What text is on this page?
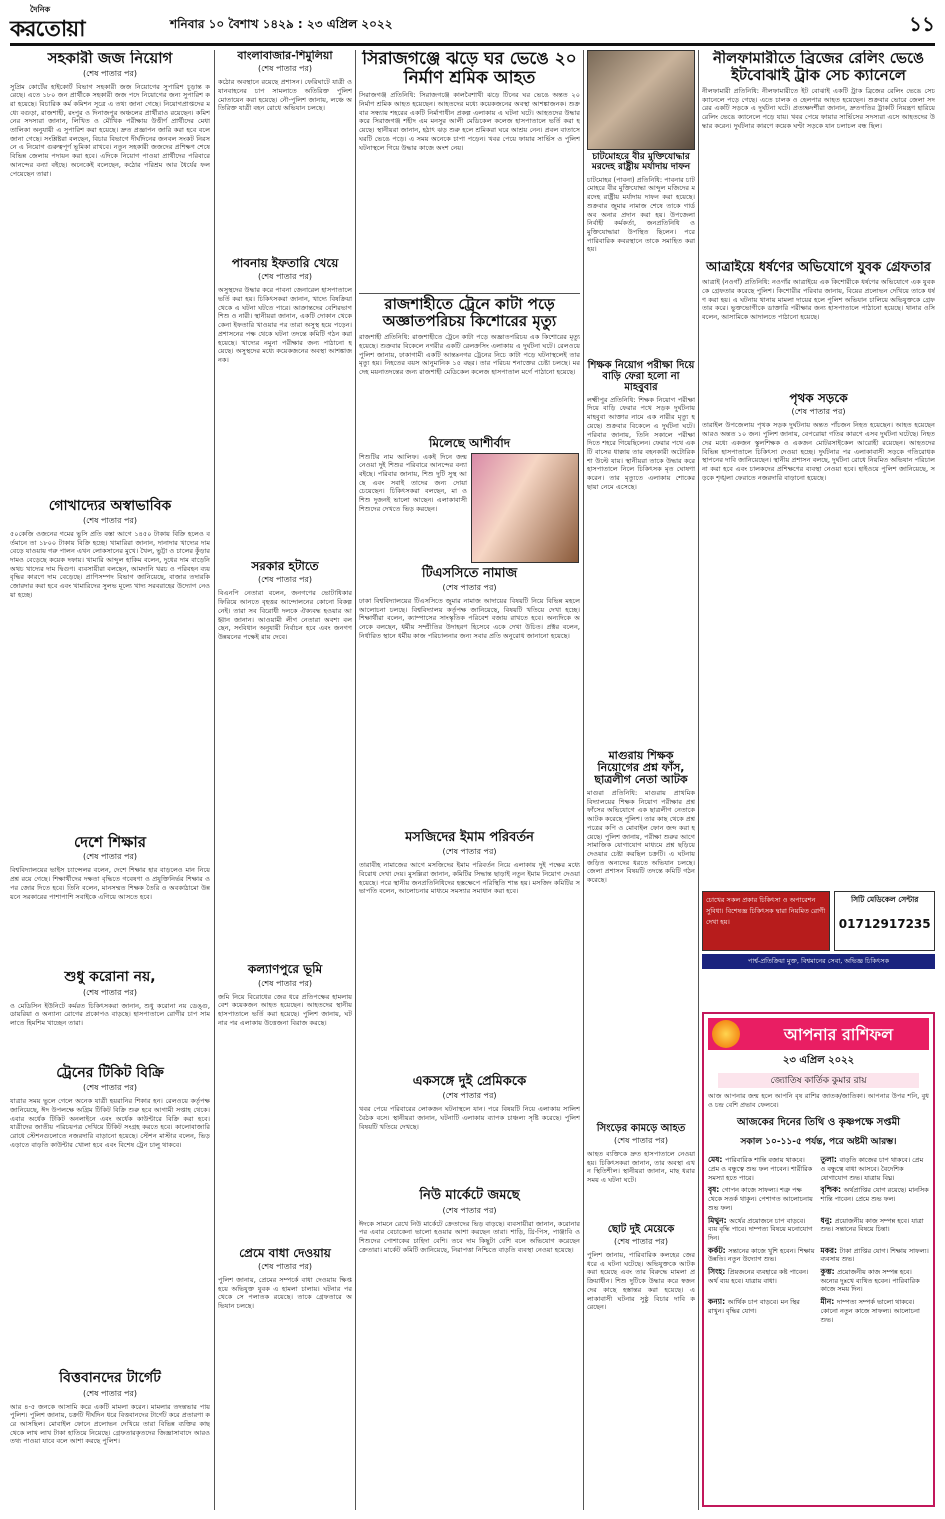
দৈনিক
করতোয়া	শনিবার ১০ বৈশাখ ১৪২৯ : ২৩ এপ্রিল ২০২২	১১
সহকারী জজ নিয়োগ
(শেষ পাতার পর)
সুপ্রিম কোর্টের হাইকোর্ট বিভাগ সহকারী জজ নিয়োগের সুপারিশ চূড়ান্ত করেছে। এতে ১৮০ জন প্রার্থীকে সহকারী জজ পদে নিয়োগের জন্য সুপারিশ করা হয়েছে। বিচারিক কর্ম কমিশন সূত্রে এ তথ্য জানা গেছে। নিয়োগপ্রাপ্তদের মধ্যে বগুড়া, রাজশাহী, রংপুর ও দিনাজপুর অঞ্চলের প্রার্থীরাও রয়েছেন। কমিশনের সদস্যরা জানান, লিখিত ও মৌখিক পরীক্ষায় উত্তীর্ণ প্রার্থীদের মেধা তালিকা অনুযায়ী এ সুপারিশ করা হয়েছে। দ্রুত প্রজ্ঞাপন জারি করা হবে বলে জানা গেছে। সংশ্লিষ্টরা বলছেন, বিচার বিভাগে দীর্ঘদিনের জনবল সংকট নিরসনে এ নিয়োগ গুরুত্বপূর্ণ ভূমিকা রাখবে। নতুন সহকারী জজদের প্রশিক্ষণ শেষে বিভিন্ন জেলায় পদায়ন করা হবে। এদিকে নিয়োগ পাওয়া প্রার্থীদের পরিবারে আনন্দের বন্যা বইছে। অনেকেই বলেছেন, কঠোর পরিশ্রম আর ধৈর্যের ফল পেয়েছেন তারা।
গোখাদ্যের অস্বাভাবিক
(শেষ পাতার পর)
৫০কেজি ওজনের গমের ভুসি প্রতি বস্তা আগে ১৪৫০ টাকায় বিক্রি হলেও বর্তমানে তা ১৮০০ টাকায় বিক্রি হচ্ছে। খামারিরা জানান, দানাদার খাদ্যের দাম বেড়ে যাওয়ায় গরু পালন এখন লোকসানের মুখে। খৈল, ভুট্টা ও চালের কুঁড়ার দামও বেড়েছে কয়েক দফায়। খামারি আব্দুল হাকিম বলেন, দুধের দাম বাড়েনি অথচ খাদ্যের দাম দ্বিগুণ। ব্যবসায়ীরা বলছেন, আমদানি খরচ ও পরিবহন ব্যয় বৃদ্ধির কারণে দাম বেড়েছে। প্রাণিসম্পদ বিভাগ জানিয়েছে, বাজার তদারকি জোরদার করা হবে এবং খামারিদের সুলভ মূল্যে খাদ্য সরবরাহের উদ্যোগ নেওয়া হচ্ছে।
দেশে শিক্ষার
(শেষ পাতার পর)
বিশ্ববিদ্যালয়ের ভাইস চ্যান্সেলর বলেন, দেশে শিক্ষার হার বাড়লেও মান নিয়ে প্রশ্ন রয়ে গেছে। শিক্ষার্থীদের দক্ষতা বৃদ্ধিতে গবেষণা ও প্রযুক্তিনির্ভর শিক্ষার ওপর জোর দিতে হবে। তিনি বলেন, মানসম্মত শিক্ষক তৈরি ও অবকাঠামো উন্নয়নে সরকারের পাশাপাশি সবাইকে এগিয়ে আসতে হবে।
শুধু করোনা নয়,
(শেষ পাতার পর)
ও মেডিসিন ইউনিটে কর্মরত চিকিৎসকরা জানান, শুধু করোনা নয় ডেঙ্গু, ডায়রিয়া ও অন্যান্য রোগের প্রকোপও বাড়ছে। হাসপাতালে রোগীর চাপ সামলাতে হিমশিম খাচ্ছেন তারা।
ট্রেনের টিকিট বিক্রি
(শেষ পাতার পর)
যাত্রার সময় ভুলে গেলে অনেক যাত্রী হয়রানির শিকার হন। রেলওয়ে কর্তৃপক্ষ জানিয়েছে, ঈদ উপলক্ষে অগ্রিম টিকিট বিক্রি শুরু হবে আগামী সপ্তাহ থেকে। এবার অর্ধেক টিকিট অনলাইনে এবং অর্ধেক কাউন্টারে বিক্রি করা হবে। যাত্রীদের জাতীয় পরিচয়পত্র দেখিয়ে টিকিট সংগ্রহ করতে হবে। কালোবাজারি রোধে স্টেশনগুলোতে নজরদারি বাড়ানো হয়েছে। স্টেশন মাস্টার বলেন, ভিড় এড়াতে বাড়তি কাউন্টার খোলা হবে এবং বিশেষ ট্রেন চালু থাকবে।
বিত্তবানদের টার্গেট
(শেষ পাতার পর)
আর ৪-৫ জনকে আসামি করে একটি মামলা করেন। মামলার তদন্তভার পায় পুলিশ। পুলিশ জানায়, চক্রটি দীর্ঘদিন ধরে বিত্তবানদের টার্গেট করে প্রতারণা করে আসছিল। মোবাইল ফোনে প্রলোভন দেখিয়ে তারা বিভিন্ন ব্যক্তির কাছ থেকে লাখ লাখ টাকা হাতিয়ে নিয়েছে। গ্রেফতারকৃতদের জিজ্ঞাসাবাদে আরও তথ্য পাওয়া যাবে বলে আশা করছে পুলিশ।
বাংলাবাজার-শিমুলিয়া
(শেষ পাতার পর)
কঠোর অবস্থানে রয়েছে প্রশাসন। ফেরিঘাটে যাত্রী ও যানবাহনের চাপ সামলাতে অতিরিক্ত পুলিশ মোতায়েন করা হয়েছে। নৌ-পুলিশ জানায়, লঞ্চে অতিরিক্ত যাত্রী বহন রোধে অভিযান চলছে।
পাবনায় ইফতারি খেয়ে
(শেষ পাতার পর)
অসুস্থদের উদ্ধার করে পাবনা জেনারেল হাসপাতালে ভর্তি করা হয়। চিকিৎসকরা জানান, খাদ্যে বিষক্রিয়া থেকে এ ঘটনা ঘটতে পারে। আক্রান্তদের বেশিরভাগ শিশু ও নারী। স্থানীয়রা জানান, একটি দোকান থেকে কেনা ইফতারি খাওয়ার পর তারা অসুস্থ হয়ে পড়েন। প্রশাসনের পক্ষ থেকে ঘটনা তদন্তে কমিটি গঠন করা হয়েছে। খাদ্যের নমুনা পরীক্ষার জন্য পাঠানো হয়েছে। অসুস্থদের মধ্যে কয়েকজনের অবস্থা আশঙ্কাজনক।
সরকার হটাতে
(শেষ পাতার পর)
বিএনপি নেতারা বলেন, জনগণের ভোটাধিকার ফিরিয়ে আনতে বৃহত্তর আন্দোলনের কোনো বিকল্প নেই। তারা সব বিরোধী দলকে ঐক্যবদ্ধ হওয়ার আহ্বান জানান। আওয়ামী লীগ নেতারা অবশ্য বলছেন, সংবিধান অনুযায়ী নির্বাচন হবে এবং জনগণ উন্নয়নের পক্ষেই রায় দেবে।
কল্যাণপুরে ভূমি
(শেষ পাতার পর)
জমি নিয়ে বিরোধের জের ধরে প্রতিপক্ষের হামলায় বেশ কয়েকজন আহত হয়েছেন। আহতদের স্থানীয় হাসপাতালে ভর্তি করা হয়েছে। পুলিশ জানায়, ঘটনার পর এলাকায় উত্তেজনা বিরাজ করছে।
প্রেমে বাধা দেওয়ায়
(শেষ পাতার পর)
পুলিশ জানায়, প্রেমের সম্পর্কে বাধা দেওয়ায় ক্ষিপ্ত হয়ে অভিযুক্ত যুবক এ হামলা চালায়। ঘটনার পর থেকে সে পলাতক রয়েছে। তাকে গ্রেফতারে অভিযান চলছে।
সিরাজগঞ্জে ঝড়ে ঘর ভেঙে ২০ নির্মাণ শ্রমিক আহত
সিরাজগঞ্জ প্রতিনিধি: সিরাজগঞ্জে কালবৈশাখী ঝড়ে টিনের ঘর ভেঙে অন্তত ২০ নির্মাণ শ্রমিক আহত হয়েছেন। আহতদের মধ্যে কয়েকজনের অবস্থা আশঙ্কাজনক। শুক্রবার সন্ধ্যায় শহরের একটি নির্মাণাধীন প্রকল্প এলাকায় এ ঘটনা ঘটে। আহতদের উদ্ধার করে সিরাজগঞ্জ শহীদ এম মনসুর আলী মেডিকেল কলেজ হাসপাতালে ভর্তি করা হয়েছে। স্থানীয়রা জানান, হঠাৎ ঝড় শুরু হলে শ্রমিকরা ঘরে আশ্রয় নেন। প্রবল বাতাসে ঘরটি ভেঙে পড়ে। এ সময় অনেকে চাপা পড়েন। খবর পেয়ে ফায়ার সার্ভিস ও পুলিশ ঘটনাস্থলে গিয়ে উদ্ধার কাজে অংশ নেয়।
রাজশাহীতে ট্রেনে কাটা পড়ে অজ্ঞাতপরিচয় কিশোরের মৃত্যু
রাজশাহী প্রতিনিধি: রাজশাহীতে ট্রেনে কাটা পড়ে অজ্ঞাতপরিচয় এক কিশোরের মৃত্যু হয়েছে। শুক্রবার বিকেলে নগরীর একটি রেলক্রসিং এলাকায় এ দুর্ঘটনা ঘটে। রেলওয়ে পুলিশ জানায়, ঢাকাগামী একটি আন্তঃনগর ট্রেনের নিচে কাটা পড়ে ঘটনাস্থলেই তার মৃত্যু হয়। নিহতের বয়স আনুমানিক ১৫ বছর। তার পরিচয় শনাক্তের চেষ্টা চলছে। মরদেহ ময়নাতদন্তের জন্য রাজশাহী মেডিকেল কলেজ হাসপাতাল মর্গে পাঠানো হয়েছে।
মিলেছে আশীর্বাদ
শিশুটির নাম আলিফ। একই দিনে জন্ম নেওয়া দুই শিশুর পরিবারে আনন্দের বন্যা বইছে। পরিবার জানায়, শিশু দুটি সুস্থ আছে এবং সবাই তাদের জন্য দোয়া চেয়েছেন। চিকিৎসকরা বলছেন, মা ও শিশু দুজনই ভালো আছেন। এলাকাবাসী শিশুদের দেখতে ভিড় করছেন।
টিএসসিতে নামাজ
(শেষ পাতার পর)
ঢাকা বিশ্ববিদ্যালয়ের টিএসসিতে জুমার নামাজ আদায়ের বিষয়টি নিয়ে বিভিন্ন মহলে আলোচনা চলছে। বিশ্ববিদ্যালয় কর্তৃপক্ষ জানিয়েছে, বিষয়টি খতিয়ে দেখা হচ্ছে। শিক্ষার্থীরা বলেন, ক্যাম্পাসের সাংস্কৃতিক পরিবেশ বজায় রাখতে হবে। অন্যদিকে অনেকে বলছেন, ধর্মীয় সম্প্রীতির উদাহরণ হিসেবে একে দেখা উচিত। প্রক্টর বলেন, নির্ধারিত স্থানে ধর্মীয় কাজ পরিচালনার জন্য সবার প্রতি অনুরোধ জানানো হয়েছে।
মসজিদের ইমাম পরিবর্তন
(শেষ পাতার পর)
তারাবীহ নামাজের আগে মসজিদের ইমাম পরিবর্তন নিয়ে এলাকায় দুই পক্ষের মধ্যে বিরোধ দেখা দেয়। মুসল্লিরা জানান, কমিটির সিদ্ধান্ত ছাড়াই নতুন ইমাম নিয়োগ দেওয়া হয়েছে। পরে স্থানীয় জনপ্রতিনিধিদের হস্তক্ষেপে পরিস্থিতি শান্ত হয়। মসজিদ কমিটির সভাপতি বলেন, আলোচনার মাধ্যমে সমস্যার সমাধান করা হবে।
একসঙ্গে দুই প্রেমিককে
(শেষ পাতার পর)
খবর পেয়ে পরিবারের লোকজন ঘটনাস্থলে যান। পরে বিষয়টি নিয়ে এলাকায় সালিশ বৈঠক বসে। স্থানীয়রা জানান, ঘটনাটি এলাকায় ব্যাপক চাঞ্চল্য সৃষ্টি করেছে। পুলিশ বিষয়টি খতিয়ে দেখছে।
নিউ মার্কেটে জমছে
(শেষ পাতার পর)
ঈদকে সামনে রেখে নিউ মার্কেটে ক্রেতাদের ভিড় বাড়ছে। ব্যবসায়ীরা জানান, করোনার পর এবার বেচাকেনা ভালো হওয়ার আশা করছেন তারা। শাড়ি, থ্রি-পিস, পাঞ্জাবি ও শিশুদের পোশাকের চাহিদা বেশি। তবে দাম কিছুটা বেশি বলে অভিযোগ করেছেন ক্রেতারা। মার্কেট কমিটি জানিয়েছে, নিরাপত্তা নিশ্চিতে বাড়তি ব্যবস্থা নেওয়া হয়েছে।
চাটমোহরে বীর মুক্তিযোদ্ধার মরদেহ রাষ্ট্রীয় মর্যাদায় দাফন
চাটমোহর (পাবনা) প্রতিনিধি: পাবনার চাটমোহরে বীর মুক্তিযোদ্ধা আব্দুল মজিদের মরদেহ রাষ্ট্রীয় মর্যাদায় দাফন করা হয়েছে। শুক্রবার জুমার নামাজ শেষে তাকে গার্ড অব অনার প্রদান করা হয়। উপজেলা নির্বাহী কর্মকর্তা, জনপ্রতিনিধি ও মুক্তিযোদ্ধারা উপস্থিত ছিলেন। পরে পারিবারিক কবরস্থানে তাকে সমাহিত করা হয়।
শিক্ষক নিয়োগ পরীক্ষা দিয়ে বাড়ি ফেরা হলো না মাহবুবার
লক্ষ্মীপুর প্রতিনিধি: শিক্ষক নিয়োগ পরীক্ষা দিয়ে বাড়ি ফেরার পথে সড়ক দুর্ঘটনায় মাহবুবা আক্তার নামে এক নারীর মৃত্যু হয়েছে। শুক্রবার বিকেলে এ দুর্ঘটনা ঘটে। পরিবার জানায়, তিনি সকালে পরীক্ষা দিতে শহরে গিয়েছিলেন। ফেরার পথে একটি বাসের ধাক্কায় তার বহনকারী অটোরিকশা উল্টে যায়। স্থানীয়রা তাকে উদ্ধার করে হাসপাতালে নিলে চিকিৎসক মৃত ঘোষণা করেন। তার মৃত্যুতে এলাকায় শোকের ছায়া নেমে এসেছে।
মাগুরায় শিক্ষক নিয়োগের প্রশ্ন ফাঁস, ছাত্রলীগ নেতা আটক
মাগুরা প্রতিনিধি: মাগুরায় প্রাথমিক বিদ্যালয়ের শিক্ষক নিয়োগ পরীক্ষার প্রশ্ন ফাঁসের অভিযোগে এক ছাত্রলীগ নেতাকে আটক করেছে পুলিশ। তার কাছ থেকে প্রশ্নপত্রের কপি ও মোবাইল ফোন জব্দ করা হয়েছে। পুলিশ জানায়, পরীক্ষা শুরুর আগে সামাজিক যোগাযোগ মাধ্যমে প্রশ্ন ছড়িয়ে দেওয়ার চেষ্টা করছিল চক্রটি। এ ঘটনায় জড়িত অন্যদের ধরতে অভিযান চলছে। জেলা প্রশাসন বিষয়টি তদন্তে কমিটি গঠন করেছে।
সিংড়ের কামড়ে আহত
(শেষ পাতার পর)
আহত ব্যক্তিকে দ্রুত হাসপাতালে নেওয়া হয়। চিকিৎসকরা জানান, তার অবস্থা এখন স্থিতিশীল। স্থানীয়রা জানান, মাছ ধরার সময় এ ঘটনা ঘটে।
ছোট দুই মেয়েকে
(শেষ পাতার পর)
পুলিশ জানায়, পারিবারিক কলহের জের ধরে এ ঘটনা ঘটেছে। অভিযুক্তকে আটক করা হয়েছে এবং তার বিরুদ্ধে মামলা প্রক্রিয়াধীন। শিশু দুটিকে উদ্ধার করে স্বজনদের কাছে হস্তান্তর করা হয়েছে। এলাকাবাসী ঘটনার সুষ্ঠু বিচার দাবি করেছেন।
নীলফামারীতে ব্রিজের রেলিং ভেঙে ইটবোঝাই ট্রাক সেচ ক্যানেলে
নীলফামারী প্রতিনিধি: নীলফামারীতে ইট বোঝাই একটি ট্রাক ব্রিজের রেলিং ভেঙে সেচ ক্যানেলে পড়ে গেছে। এতে চালক ও হেলপার আহত হয়েছেন। শুক্রবার ভোরে জেলা সদরের একটি সড়কে এ দুর্ঘটনা ঘটে। প্রত্যক্ষদর্শীরা জানান, দ্রুতগতির ট্রাকটি নিয়ন্ত্রণ হারিয়ে রেলিং ভেঙে ক্যানেলে পড়ে যায়। খবর পেয়ে ফায়ার সার্ভিসের সদস্যরা এসে আহতদের উদ্ধার করেন। দুর্ঘটনার কারণে কয়েক ঘণ্টা সড়কে যান চলাচল বন্ধ ছিল।
আত্রাইয়ে ধর্ষণের অভিযোগে যুবক গ্রেফতার
আত্রাই (নওগাঁ) প্রতিনিধি: নওগাঁর আত্রাইয়ে এক কিশোরীকে ধর্ষণের অভিযোগে এক যুবককে গ্রেফতার করেছে পুলিশ। কিশোরীর পরিবার জানায়, বিয়ের প্রলোভন দেখিয়ে তাকে ধর্ষণ করা হয়। এ ঘটনায় থানায় মামলা দায়ের হলে পুলিশ অভিযান চালিয়ে অভিযুক্তকে গ্রেফতার করে। ভুক্তভোগীকে ডাক্তারি পরীক্ষার জন্য হাসপাতালে পাঠানো হয়েছে। থানার ওসি বলেন, আসামিকে আদালতে পাঠানো হয়েছে।
পৃথক সড়কে
(শেষ পাতার পর)
তারাইল উপজেলায় পৃথক সড়ক দুর্ঘটনায় অন্তত পাঁচজন নিহত হয়েছেন। আহত হয়েছেন আরও অন্তত ১০ জন। পুলিশ জানায়, বেপরোয়া গতির কারণে এসব দুর্ঘটনা ঘটেছে। নিহতদের মধ্যে একজন স্কুলশিক্ষক ও একজন মোটরসাইকেল আরোহী রয়েছেন। আহতদের বিভিন্ন হাসপাতালে চিকিৎসা দেওয়া হচ্ছে। দুর্ঘটনার পর এলাকাবাসী সড়কে গতিরোধক স্থাপনের দাবি জানিয়েছেন। স্থানীয় প্রশাসন বলছে, দুর্ঘটনা রোধে নিয়মিত অভিযান পরিচালনা করা হবে এবং চালকদের প্রশিক্ষণের ব্যবস্থা নেওয়া হবে। হাইওয়ে পুলিশ জানিয়েছে, সড়কে শৃঙ্খলা ফেরাতে নজরদারি বাড়ানো হয়েছে।
চোখের সকল প্রকার চিকিৎসা ও অপারেশন সুবিধা। বিশেষজ্ঞ চিকিৎসক দ্বারা নিয়মিত রোগী দেখা হয়।
সিটি মেডিকেল সেন্টার
01712917235
পার্শ্ব-প্রতিক্রিয়া মুক্ত, বিশ্বমানের সেবা, অভিজ্ঞ চিকিৎসক
আপনার রাশিফল
২৩ এপ্রিল ২০২২
জ্যোতিষ কার্তিক কুমার রায়
আজ আপনার জন্ম হলে আপনি বৃষ রাশির জাতক/জাতিকা। আপনার উপর শনি, বুধ ও চন্দ্র বেশি প্রভাব ফেলবে।
আজকের দিনের তিথি ও কৃষ্ণপক্ষে সপ্তমী
সকাল ১০-১১-৫ পর্যন্ত, পরে অষ্টমী আরম্ভ।
মেষ: পারিবারিক শান্তি বজায় থাকবে। প্রেম ও বন্ধুত্বে শুভ ফল পাবেন। শারীরিক সমস্যা হতে পারে।
তুলা: বাড়তি কাজের চাপ থাকবে। প্রেম ও বন্ধুত্বে বাধা আসবে। বৈদেশিক যোগাযোগ শুভ। যাত্রায় বিঘ্ন।
বৃষ: গোপন কাজে সাফল্য। শত্রু পক্ষ থেকে সতর্ক থাকুন। পেশাগত আলোচনায় শুভ ফল।
বৃশ্চিক: অর্থপ্রাপ্তির যোগ রয়েছে। মানসিক শান্তি পাবেন। প্রেমে শুভ ফল।
মিথুন: অর্থের প্রয়োজনে চাপ বাড়বে। ব্যয় বৃদ্ধি পাবে। দাম্পত্য বিষয়ে মনোযোগ দিন।
ধনু: প্রয়োজনীয় কাজ সম্পন্ন হবে। যাত্রা শুভ। সন্তানের বিষয়ে চিন্তা।
কর্কট: সন্তানের কাজে খুশি হবেন। শিক্ষায় উন্নতি। নতুন উদ্যোগ শুভ।
মকর: টাকা প্রাপ্তির যোগ। শিক্ষায় সাফল্য। ব্যবসায় শুভ।
সিংহ: প্রিয়জনের ব্যবহারে কষ্ট পাবেন। অর্থ ব্যয় হবে। যাত্রায় বাধা।
কুম্ভ: প্রয়োজনীয় কাজ সম্পন্ন হবে। অন্যের দুঃখে ব্যথিত হবেন। পারিবারিক কাজে সময় দিন।
কন্যা: আর্থিক চাপ বাড়বে। মন স্থির রাখুন। বৃদ্ধির যোগ।
মীন: দাম্পত্য সম্পর্ক ভালো থাকবে। কোনো নতুন কাজে সাফল্য। আলোচনা শুভ।
